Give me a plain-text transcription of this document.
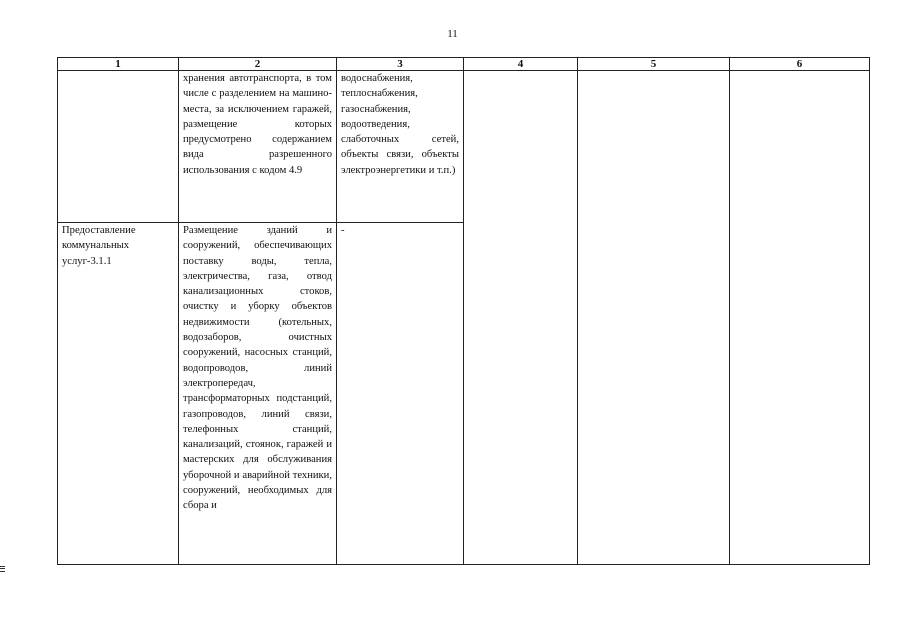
11
1	2	3	4	5	6
	хранения автотранспорта, в том числе с разделением на машино-места, за исключением гаражей, размещение которых предусмотрено содержанием вида разрешенного использования с кодом 4.9	водоснабжения, теплоснабжения, газоснабжения, водоотведения, слаботочных сетей, объекты связи, объекты электроэнергетики и т.п.)			
Предоставление коммунальных услуг-3.1.1	Размещение зданий и сооружений, обеспечивающих поставку воды, тепла, электричества, газа, отвод канализационных стоков, очистку и уборку объектов недвижимости (котельных, водозаборов, очистных сооружений, насосных станций, водопроводов, линий электропередач, трансформаторных подстанций, газопроводов, линий связи, телефонных станций, канализаций, стоянок, гаражей и мастерских для обслуживания уборочной и аварийной техники, сооружений, необходимых для сбора и	-			
